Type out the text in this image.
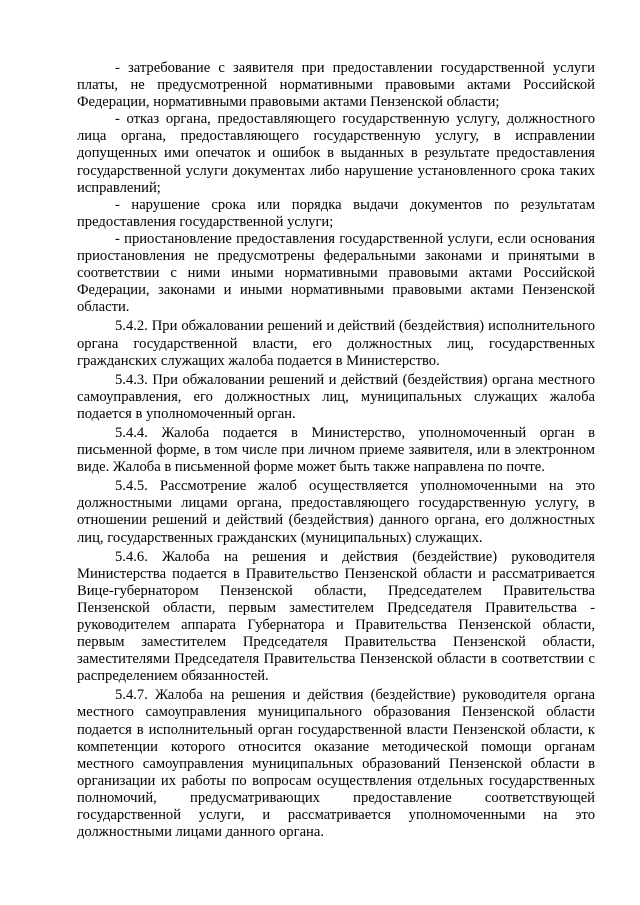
- затребование с заявителя при предоставлении государственной услуги платы, не предусмотренной нормативными правовыми актами Российской Федерации, нормативными правовыми актами Пензенской области;

- отказ органа, предоставляющего государственную услугу, должностного лица органа, предоставляющего государственную услугу, в исправлении допущенных ими опечаток и ошибок в выданных в результате предоставления государственной услуги документах либо нарушение установленного срока таких исправлений;

- нарушение срока или порядка выдачи документов по результатам предоставления государственной услуги;

- приостановление предоставления государственной услуги, если основания приостановления не предусмотрены федеральными законами и принятыми в соответствии с ними иными нормативными правовыми актами Российской Федерации, законами и иными нормативными правовыми актами Пензенской области.

5.4.2. При обжаловании решений и действий (бездействия) исполнительного органа государственной власти, его должностных лиц, государственных гражданских служащих жалоба подается в Министерство.

5.4.3. При обжаловании решений и действий (бездействия) органа местного самоуправления, его должностных лиц, муниципальных служащих жалоба подается в уполномоченный орган.

5.4.4. Жалоба подается в Министерство, уполномоченный орган в письменной форме, в том числе при личном приеме заявителя, или в электронном виде. Жалоба в письменной форме может быть также направлена по почте.

5.4.5. Рассмотрение жалоб осуществляется уполномоченными на это должностными лицами органа, предоставляющего государственную услугу, в отношении решений и действий (бездействия) данного органа, его должностных лиц, государственных гражданских (муниципальных) служащих.

5.4.6. Жалоба на решения и действия (бездействие) руководителя Министерства подается в Правительство Пензенской области и рассматривается Вице-губернатором Пензенской области, Председателем Правительства Пензенской области, первым заместителем Председателя Правительства - руководителем аппарата Губернатора и Правительства Пензенской области, первым заместителем Председателя Правительства Пензенской области, заместителями Председателя Правительства Пензенской области в соответствии с распределением обязанностей.

5.4.7. Жалоба на решения и действия (бездействие) руководителя органа местного самоуправления муниципального образования Пензенской области подается в исполнительный орган государственной власти Пензенской области, к компетенции которого относится оказание методической помощи органам местного самоуправления муниципальных образований Пензенской области в организации их работы по вопросам осуществления отдельных государственных полномочий, предусматривающих предоставление соответствующей государственной услуги, и рассматривается уполномоченными на это должностными лицами данного органа.
